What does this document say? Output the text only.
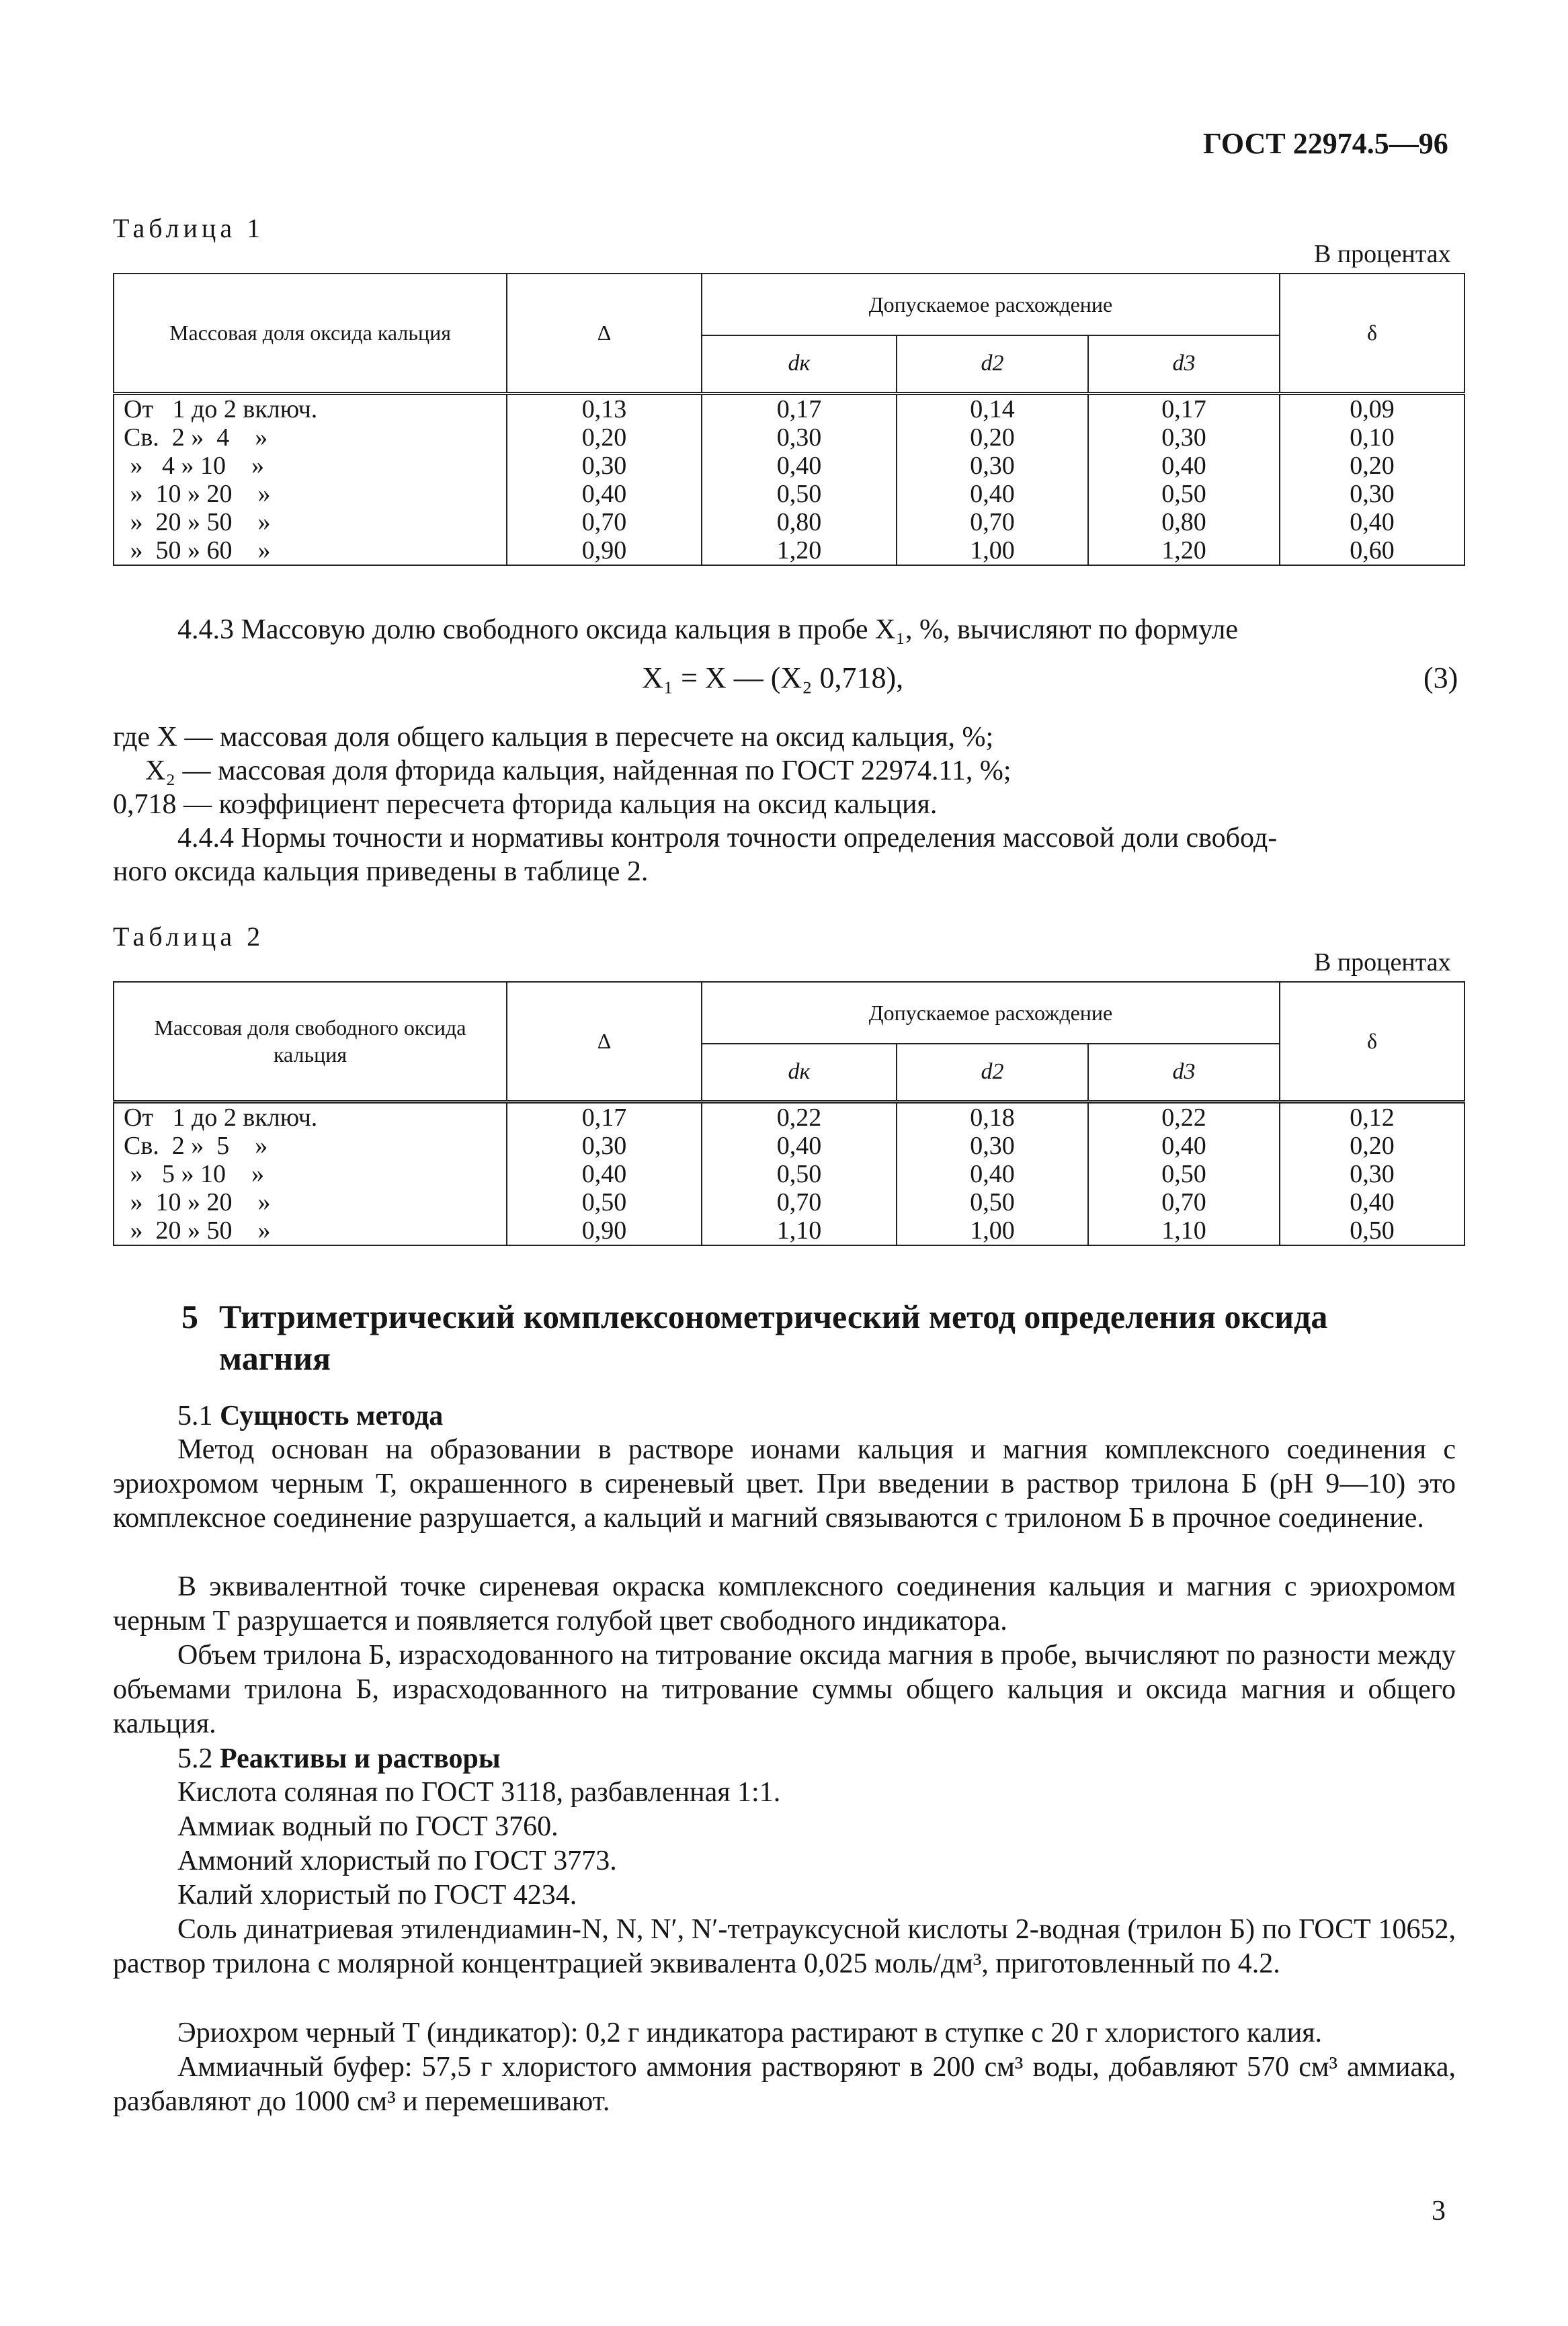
ГОСТ 22974.5—96
Таблица 1
В процентах
Массовая доля оксида кальция	Δ	Допускаемое расхождение			δ
		dк	d2	d3	
От   1 до 2 включ.	0,13	0,17	0,14	0,17	0,09
Св.  2 »  4    »	0,20	0,30	0,20	0,30	0,10
»   4 » 10    »	0,30	0,40	0,30	0,40	0,20
»  10 » 20    »	0,40	0,50	0,40	0,50	0,30
»  20 » 50    »	0,70	0,80	0,70	0,80	0,40
»  50 » 60    »	0,90	1,20	1,00	1,20	0,60
4.4.3 Массовую долю свободного оксида кальция в пробе X₁, %, вычисляют по формуле
X₁ = X — (X₂ 0,718),	(3)
где X — массовая доля общего кальция в пересчете на оксид кальция, %;
X₂ — массовая доля фторида кальция, найденная по ГОСТ 22974.11, %;
0,718 — коэффициент пересчета фторида кальция на оксид кальция.
4.4.4 Нормы точности и нормативы контроля точности определения массовой доли свобод-
ного оксида кальция приведены в таблице 2.
Таблица 2
В процентах
Массовая доля свободного оксида
кальция	Δ	Допускаемое расхождение			δ
		dк	d2	d3	
От   1 до 2 включ.	0,17	0,22	0,18	0,22	0,12
Св.  2 »  5    »	0,30	0,40	0,30	0,40	0,20
»   5 » 10    »	0,40	0,50	0,40	0,50	0,30
»  10 » 20    »	0,50	0,70	0,50	0,70	0,40
»  20 » 50    »	0,90	1,10	1,00	1,10	0,50
5 Титриметрический комплексонометрический метод определения оксида магния
5.1 Сущность метода
Метод основан на образовании в растворе ионами кальция и магния комплексного соединения с эриохромом черным Т, окрашенного в сиреневый цвет. При введении в раствор трилона Б (рН 9—10) это комплексное соединение разрушается, а кальций и магний связываются с трилоном Б в прочное соединение.
В эквивалентной точке сиреневая окраска комплексного соединения кальция и магния с эриохромом черным Т разрушается и появляется голубой цвет свободного индикатора.
Объем трилона Б, израсходованного на титрование оксида магния в пробе, вычисляют по разности между объемами трилона Б, израсходованного на титрование суммы общего кальция и оксида магния и общего кальция.
5.2 Реактивы и растворы
Кислота соляная по ГОСТ 3118, разбавленная 1:1.
Аммиак водный по ГОСТ 3760.
Аммоний хлористый по ГОСТ 3773.
Калий хлористый по ГОСТ 4234.
Соль динатриевая этилендиамин-N, N, N′, N′-тетрауксусной кислоты 2-водная (трилон Б) по ГОСТ 10652, раствор трилона с молярной концентрацией эквивалента 0,025 моль/дм³, приготовленный по 4.2.
Эриохром черный Т (индикатор): 0,2 г индикатора растирают в ступке с 20 г хлористого калия.
Аммиачный буфер: 57,5 г хлористого аммония растворяют в 200 см³ воды, добавляют 570 см³ аммиака, разбавляют до 1000 см³ и перемешивают.
3
